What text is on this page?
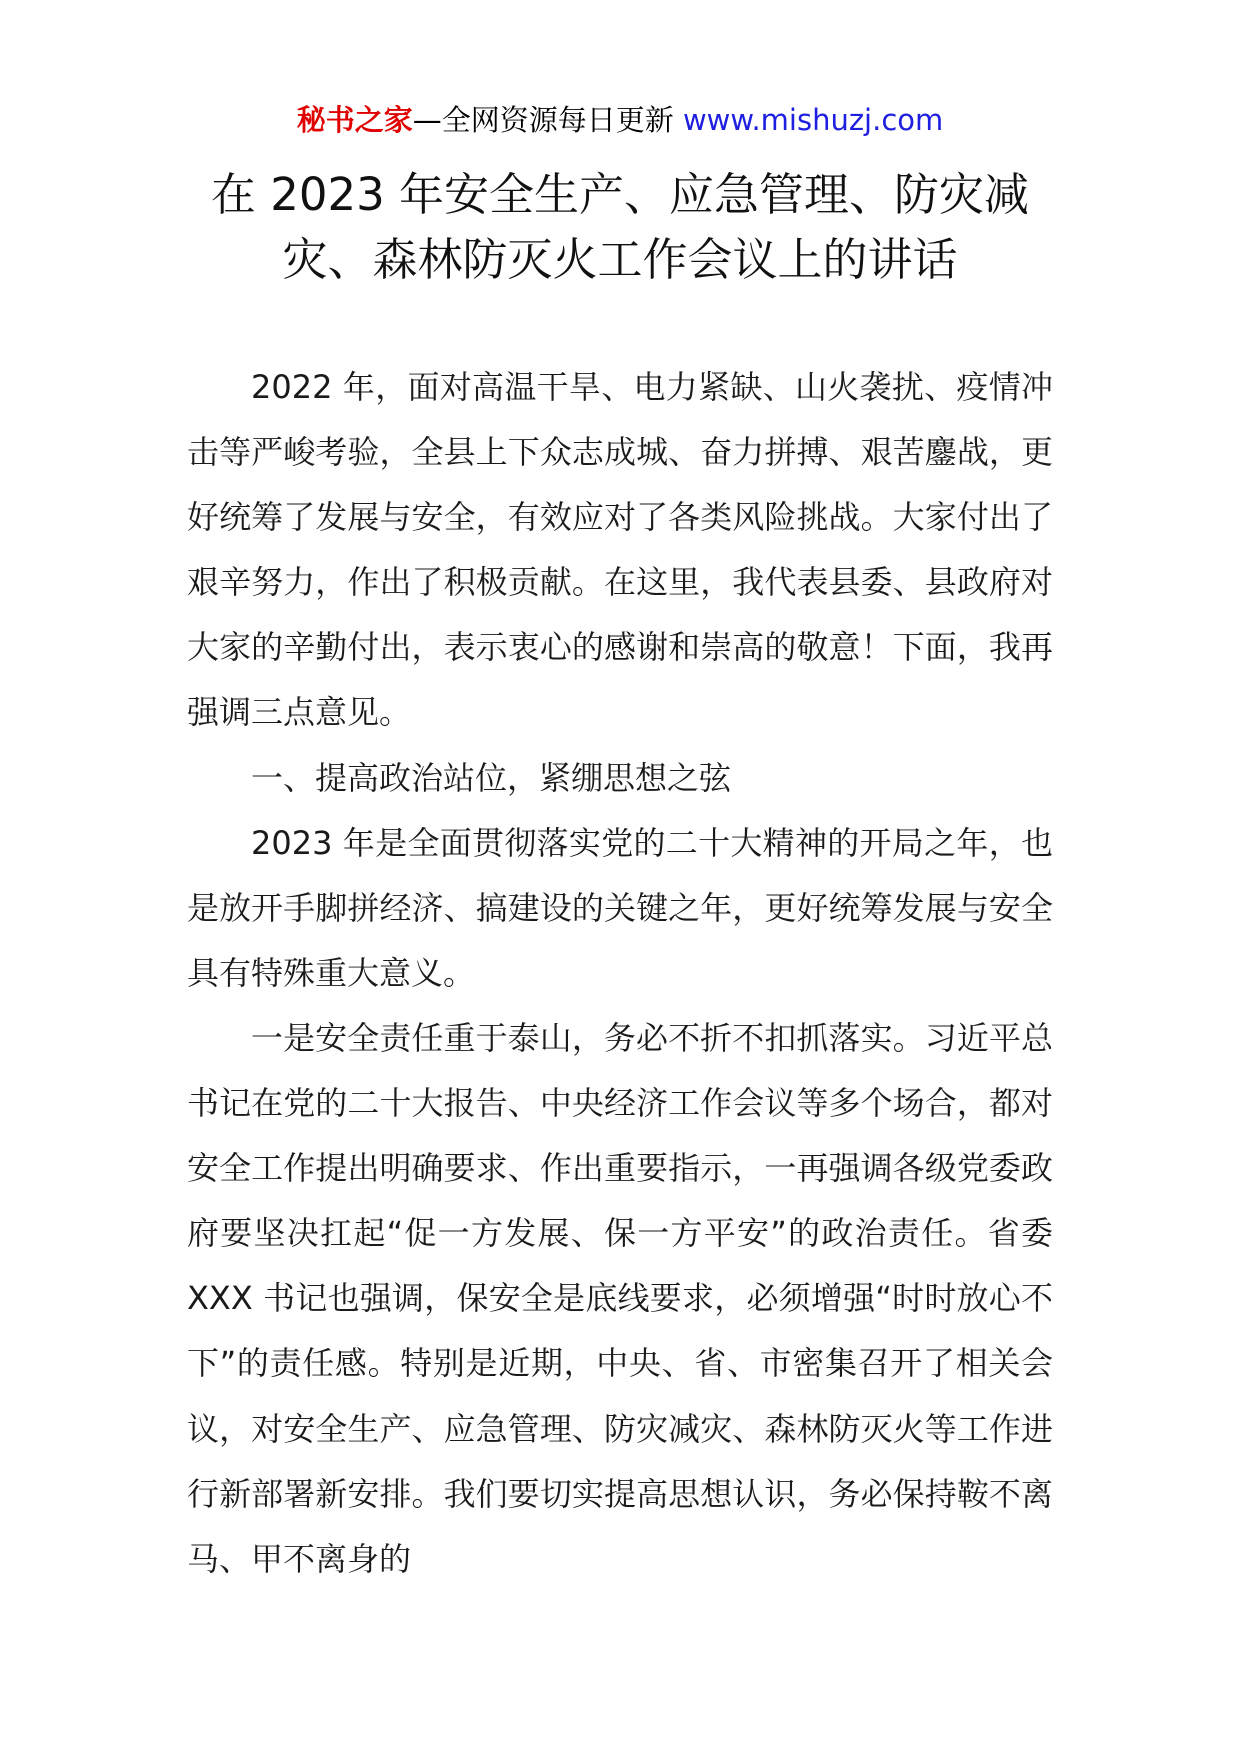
秘书之家—全网资源每日更新 www.mishuzj.com
在 2023 年安全生产、应急管理、防灾减
灾、森林防灭火工作会议上的讲话

2022 年，面对高温干旱、电力紧缺、山火袭扰、疫情冲击等严峻考验，全县上下众志成城、奋力拼搏、艰苦鏖战，更好统筹了发展与安全，有效应对了各类风险挑战。大家付出了艰辛努力，作出了积极贡献。在这里，我代表县委、县政府对大家的辛勤付出，表示衷心的感谢和崇高的敬意！下面，我再强调三点意见。

一、提高政治站位，紧绷思想之弦

2023 年是全面贯彻落实党的二十大精神的开局之年，也是放开手脚拼经济、搞建设的关键之年，更好统筹发展与安全具有特殊重大意义。

一是安全责任重于泰山，务必不折不扣抓落实。习近平总书记在党的二十大报告、中央经济工作会议等多个场合，都对安全工作提出明确要求、作出重要指示，一再强调各级党委政府要坚决扛起“促一方发展、保一方平安”的政治责任。省委 XXX 书记也强调，保安全是底线要求，必须增强“时时放心不下”的责任感。特别是近期，中央、省、市密集召开了相关会议，对安全生产、应急管理、防灾减灾、森林防灭火等工作进行新部署新安排。我们要切实提高思想认识，务必保持鞍不离马、甲不离身的
